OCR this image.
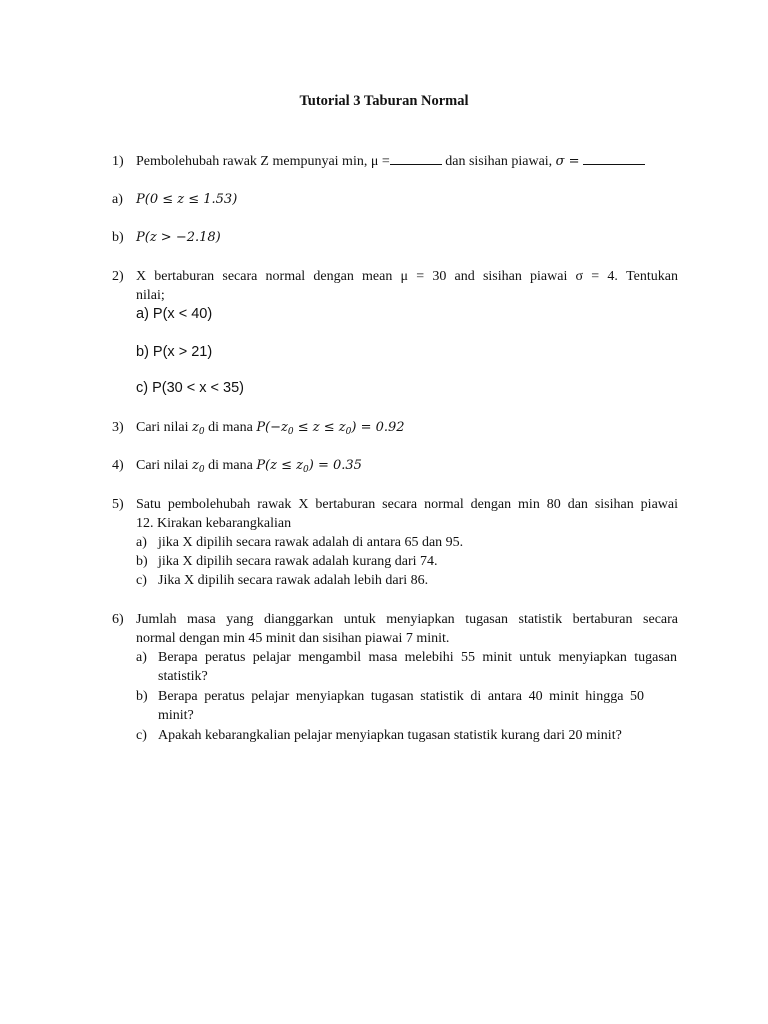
Tutorial 3 Taburan Normal
1) Pembolehubah rawak Z mempunyai min, μ =	dan sisihan piawai, σ =
a) P(0 ≤ z ≤ 1.53)
b) P(z > −2.18)
2) X bertaburan secara normal dengan mean μ = 30 and sisihan piawai σ = 4. Tentukan
nilai;
a) P(x < 40)
b) P(x > 21)
c) P(30 < x < 35)
3) Cari nilai $z_0$ di mana $P(-z_0 \le z \le z_0) = 0.92$
4) Cari nilai $z_0$ di mana $P(z \le z_0) = 0.35$
5) Satu pembolehubah rawak X bertaburan secara normal dengan min 80 dan sisihan piawai
12. Kirakan kebarangkalian
a) jika X dipilih secara rawak adalah di antara 65 dan 95.
b) jika X dipilih secara rawak adalah kurang dari 74.
c) Jika X dipilih secara rawak adalah lebih dari 86.
6) Jumlah masa yang dianggarkan untuk menyiapkan tugasan statistik bertaburan secara
normal dengan min 45 minit dan sisihan piawai 7 minit.
a) Berapa peratus pelajar mengambil masa melebihi 55 minit untuk menyiapkan tugasan
statistik?
b) Berapa peratus pelajar menyiapkan tugasan statistik di antara 40 minit hingga 50
minit?
c) Apakah kebarangkalian pelajar menyiapkan tugasan statistik kurang dari 20 minit?
